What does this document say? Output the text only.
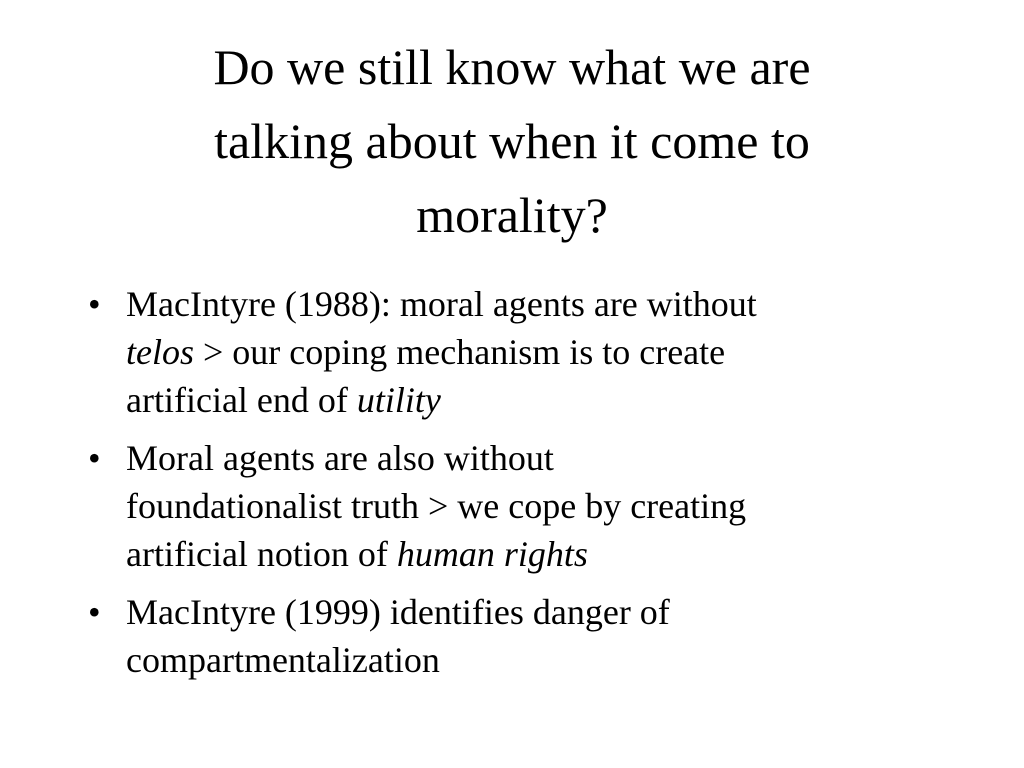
Do we still know what we are
talking about when it come to
morality?
• MacIntyre (1988): moral agents are without
telos > our coping mechanism is to create
artificial end of utility
• Moral agents are also without
foundationalist truth > we cope by creating
artificial notion of human rights
• MacIntyre (1999) identifies danger of
compartmentalization
